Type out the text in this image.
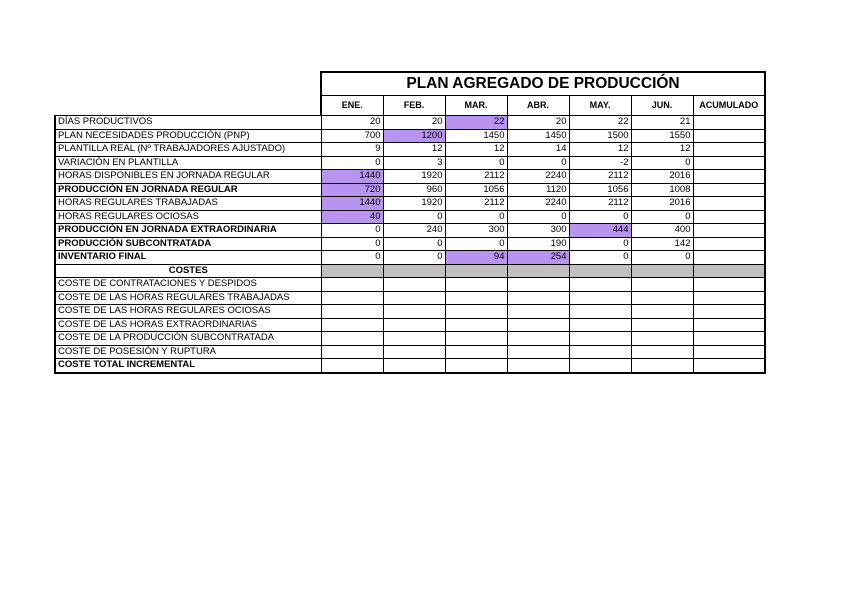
	PLAN AGREGADO DE PRODUCCIÓN						
	ENE.	FEB.	MAR.	ABR.	MAY.	JUN.	ACUMULADO
DÍAS PRODUCTIVOS	20	20	22	20	22	21	
PLAN NECESIDADES PRODUCCIÓN (PNP)	700	1200	1450	1450	1500	1550	
PLANTILLA REAL (Nº TRABAJADORES AJUSTADO)	9	12	12	14	12	12	
VARIACIÓN EN PLANTILLA	0	3	0	0	-2	0	
HORAS DISPONIBLES EN JORNADA REGULAR	1440	1920	2112	2240	2112	2016	
PRODUCCIÓN EN JORNADA REGULAR	720	960	1056	1120	1056	1008	
HORAS REGULARES TRABAJADAS	1440	1920	2112	2240	2112	2016	
HORAS REGULARES OCIOSAS	40	0	0	0	0	0	
PRODUCCIÓN EN JORNADA EXTRAORDINARIA	0	240	300	300	444	400	
PRODUCCIÓN SUBCONTRATADA	0	0	0	190	0	142	
INVENTARIO FINAL	0	0	94	254	0	0	
COSTES							
COSTE DE CONTRATACIONES Y DESPIDOS							
COSTE DE LAS HORAS REGULARES TRABAJADAS							
COSTE DE LAS HORAS REGULARES OCIOSAS							
COSTE DE LAS HORAS EXTRAORDINARIAS							
COSTE DE LA PRODUCCIÓN SUBCONTRATADA							
COSTE DE POSESIÓN Y RUPTURA							
COSTE TOTAL INCREMENTAL							
